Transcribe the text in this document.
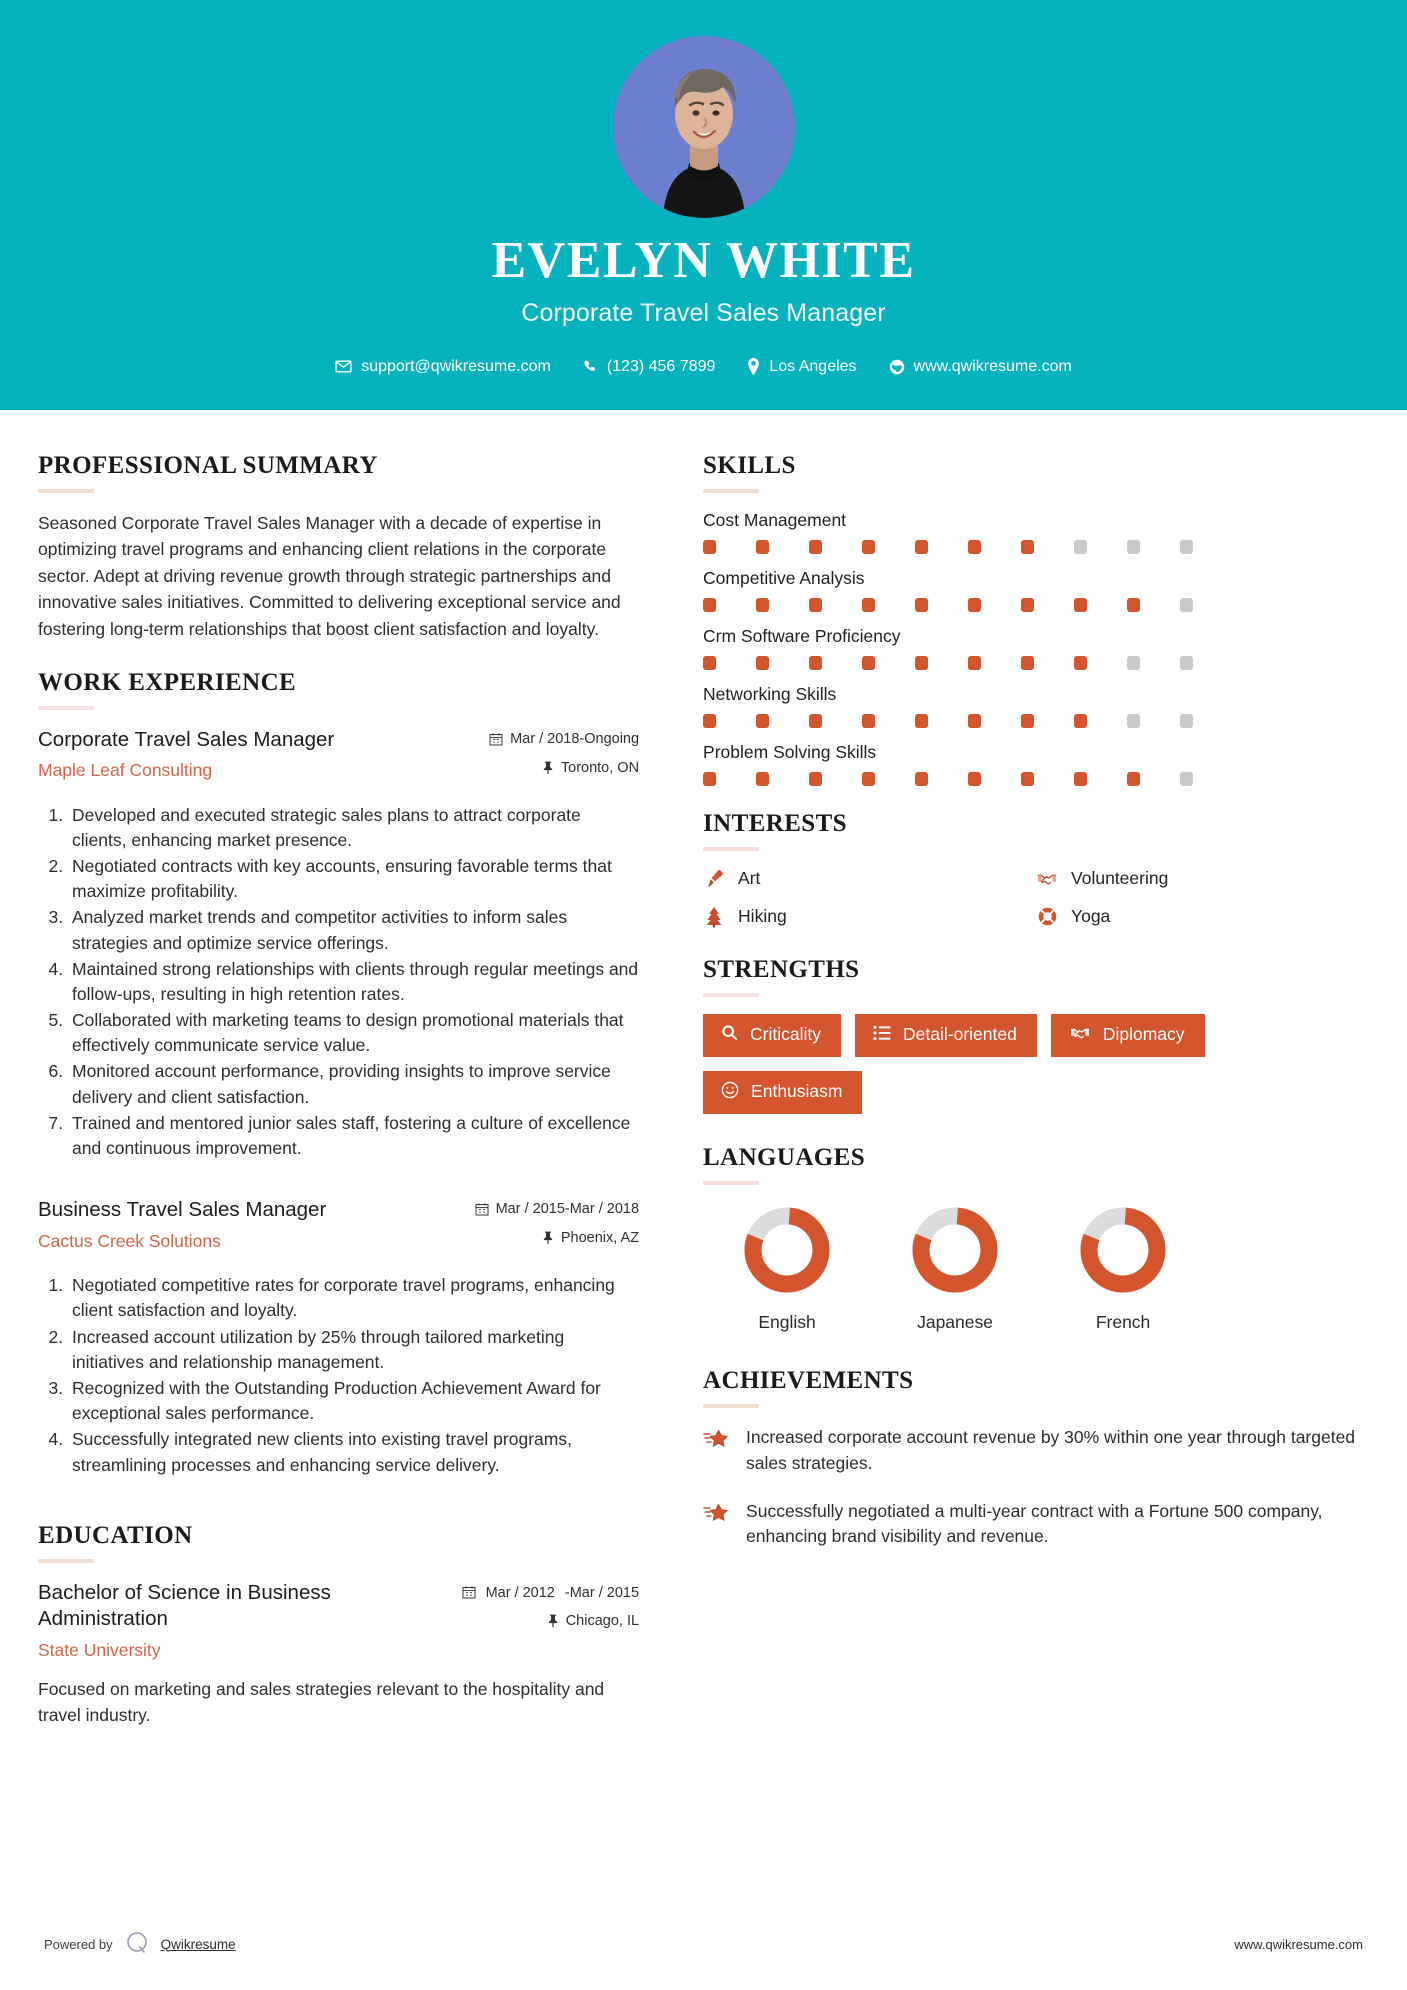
EVELYN WHITE
Corporate Travel Sales Manager
support@qwikresume.com	(123) 456 7899	Los Angeles	www.qwikresume.com
PROFESSIONAL SUMMARY
Seasoned Corporate Travel Sales Manager with a decade of expertise in optimizing travel programs and enhancing client relations in the corporate sector. Adept at driving revenue growth through strategic partnerships and innovative sales initiatives. Committed to delivering exceptional service and fostering long-term relationships that boost client satisfaction and loyalty.
WORK EXPERIENCE
Corporate Travel Sales Manager
Maple Leaf Consulting
Mar / 2018-Ongoing
Toronto, ON
1. Developed and executed strategic sales plans to attract corporate clients, enhancing market presence.
2. Negotiated contracts with key accounts, ensuring favorable terms that maximize profitability.
3. Analyzed market trends and competitor activities to inform sales strategies and optimize service offerings.
4. Maintained strong relationships with clients through regular meetings and follow-ups, resulting in high retention rates.
5. Collaborated with marketing teams to design promotional materials that effectively communicate service value.
6. Monitored account performance, providing insights to improve service delivery and client satisfaction.
7. Trained and mentored junior sales staff, fostering a culture of excellence and continuous improvement.
Business Travel Sales Manager
Cactus Creek Solutions
Mar / 2015-Mar / 2018
Phoenix, AZ
1. Negotiated competitive rates for corporate travel programs, enhancing client satisfaction and loyalty.
2. Increased account utilization by 25% through tailored marketing initiatives and relationship management.
3. Recognized with the Outstanding Production Achievement Award for exceptional sales performance.
4. Successfully integrated new clients into existing travel programs, streamlining processes and enhancing service delivery.
EDUCATION
Bachelor of Science in Business Administration
State University
Mar / 2012 -Mar / 2015
Chicago, IL
Focused on marketing and sales strategies relevant to the hospitality and travel industry.
SKILLS
Cost Management
Competitive Analysis
Crm Software Proficiency
Networking Skills
Problem Solving Skills
INTERESTS
Art	Volunteering
Hiking	Yoga
STRENGTHS
Criticality	Detail-oriented	Diplomacy
Enthusiasm
LANGUAGES
English	Japanese	French
ACHIEVEMENTS
Increased corporate account revenue by 30% within one year through targeted sales strategies.
Successfully negotiated a multi-year contract with a Fortune 500 company, enhancing brand visibility and revenue.
Powered by	Qwikresume	www.qwikresume.com
